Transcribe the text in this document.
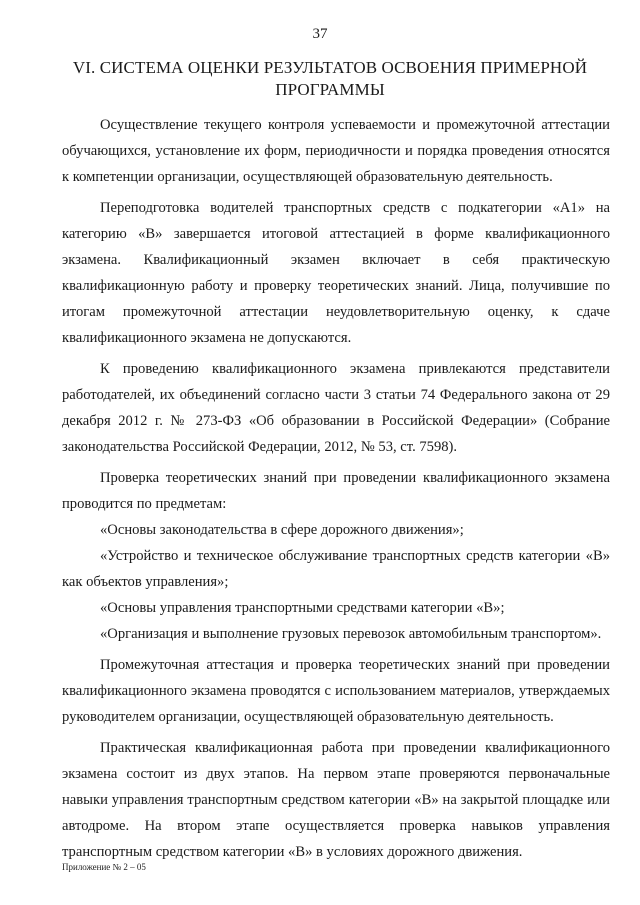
37
VI. СИСТЕМА ОЦЕНКИ РЕЗУЛЬТАТОВ ОСВОЕНИЯ ПРИМЕРНОЙ
ПРОГРАММЫ

Осуществление текущего контроля успеваемости и промежуточной аттестации обучающихся, установление их форм, периодичности и порядка проведения относятся к компетенции организации, осуществляющей образовательную деятельность.

Переподготовка водителей транспортных средств с подкатегории «А1» на категорию «В» завершается итоговой аттестацией в форме квалификационного экзамена. Квалификационный экзамен включает в себя практическую квалификационную работу и проверку теоретических знаний. Лица, получившие по итогам промежуточной аттестации неудовлетворительную оценку, к сдаче квалификационного экзамена не допускаются.

К проведению квалификационного экзамена привлекаются представители работодателей, их объединений согласно части 3 статьи 74 Федерального закона от 29 декабря 2012 г. № 273-ФЗ «Об образовании в Российской Федерации» (Собрание законодательства Российской Федерации, 2012, № 53, ст. 7598).

Проверка теоретических знаний при проведении квалификационного экзамена проводится по предметам:

«Основы законодательства в сфере дорожного движения»;

«Устройство и техническое обслуживание транспортных средств категории «В» как объектов управления»;

«Основы управления транспортными средствами категории «В»;

«Организация и выполнение грузовых перевозок автомобильным транспортом».

Промежуточная аттестация и проверка теоретических знаний при проведении квалификационного экзамена проводятся с использованием материалов, утверждаемых руководителем организации, осуществляющей образовательную деятельность.

Практическая квалификационная работа при проведении квалификационного экзамена состоит из двух этапов. На первом этапе проверяются первоначальные навыки управления транспортным средством категории «В» на закрытой площадке или автодроме. На втором этапе осуществляется проверка навыков управления транспортным средством категории «В» в условиях дорожного движения.

Приложение № 2 – 05
